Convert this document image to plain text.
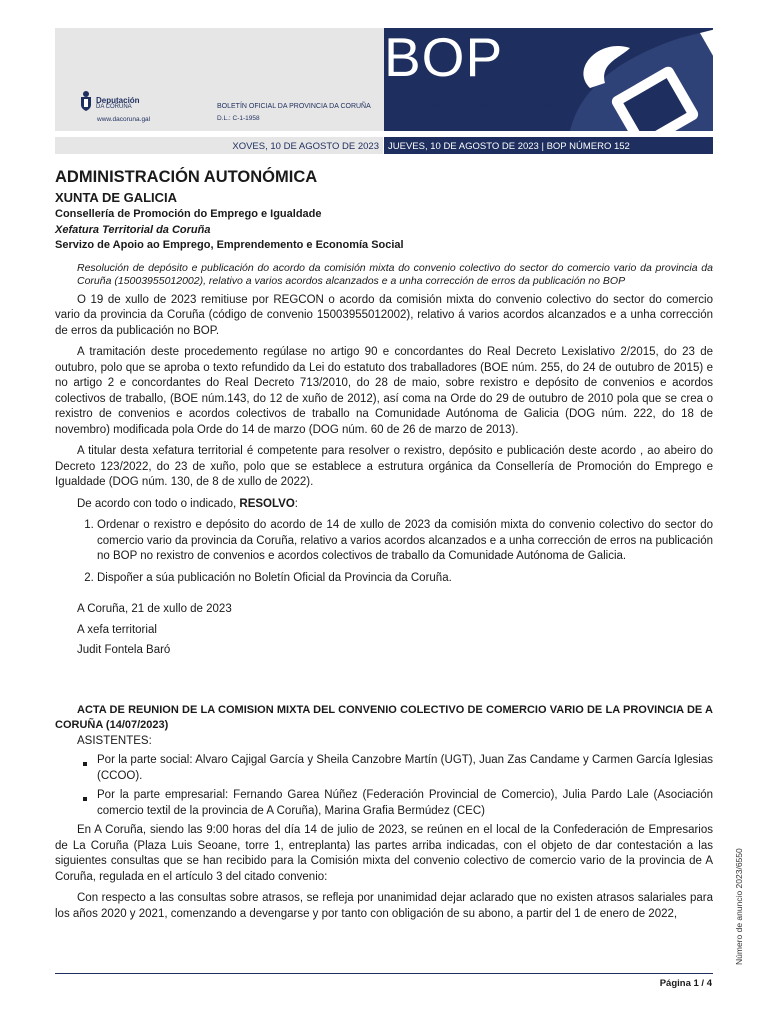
BOP
Deputación
DA CORUÑA
www.dacoruna.gal
BOLETÍN OFICIAL DA PROVINCIA DA CORUÑA BOLETÍN OFICIAL DE LA PROVINCIA DE A CORUÑA
D.L.: C-1-1958
XOVES, 10 DE AGOSTO DE 2023 JUEVES, 10 DE AGOSTO DE 2023 | BOP NÚMERO 152
ADMINISTRACIÓN AUTONÓMICA
XUNTA DE GALICIA
Consellería de Promoción do Emprego e Igualdade
Xefatura Territorial da Coruña
Servizo de Apoio ao Emprego, Emprendemento e Economía Social
Resolución de depósito e publicación do acordo da comisión mixta do convenio colectivo do sector do comercio vario da provincia da Coruña (15003955012002), relativo a varios acordos alcanzados e a unha corrección de erros da publicación no BOP

O 19 de xullo de 2023 remitiuse por REGCON o acordo da comisión mixta do convenio colectivo do sector do comercio vario da provincia da Coruña (código de convenio 15003955012002), relativo á varios acordos alcanzados e a unha corrección de erros da publicación no BOP.

A tramitación deste procedemento regúlase no artigo 90 e concordantes do Real Decreto Lexislativo 2/2015, do 23 de outubro, polo que se aproba o texto refundido da Lei do estatuto dos traballadores (BOE núm. 255, do 24 de outubro de 2015) e no artigo 2 e concordantes do Real Decreto 713/2010, do 28 de maio, sobre rexistro e depósito de convenios e acordos colectivos de traballo, (BOE núm.143, do 12 de xuño de 2012), así coma na Orde do 29 de outubro de 2010 pola que se crea o rexistro de convenios e acordos colectivos de traballo na Comunidade Autónoma de Galicia (DOG núm. 222, do 18 de novembro) modificada pola Orde do 14 de marzo (DOG núm. 60 de 26 de marzo de 2013).

A titular desta xefatura territorial é competente para resolver o rexistro, depósito e publicación deste acordo , ao abeiro do Decreto 123/2022, do 23 de xuño, polo que se establece a estrutura orgánica da Consellería de Promoción do Emprego e Igualdade (DOG núm. 130, de 8 de xullo de 2022).

De acordo con todo o indicado, RESOLVO:

1. Ordenar o rexistro e depósito do acordo de 14 de xullo de 2023 da comisión mixta do convenio colectivo do sector do comercio vario da provincia da Coruña, relativo a varios acordos alcanzados e a unha corrección de erros na publicación no BOP no rexistro de convenios e acordos colectivos de traballo da Comunidade Autónoma de Galicia.
2. Dispoñer a súa publicación no Boletín Oficial da Provincia da Coruña.
A Coruña, 21 de xullo de 2023
A xefa territorial
Judit Fontela Baró
ACTA DE REUNION DE LA COMISION MIXTA DEL CONVENIO COLECTIVO DE COMERCIO VARIO DE LA PROVINCIA DE A CORUÑA (14/07/2023)
ASISTENTES:
Por la parte social: Alvaro Cajigal García y Sheila Canzobre Martín (UGT), Juan Zas Candame y Carmen García Iglesias (CCOO).
Por la parte empresarial: Fernando Garea Núñez (Federación Provincial de Comercio), Julia Pardo Lale (Asociación comercio textil de la provincia de A Coruña), Marina Grafia Bermúdez (CEC)

En A Coruña, siendo las 9:00 horas del día 14 de julio de 2023, se reúnen en el local de la Confederación de Empresarios de La Coruña (Plaza Luis Seoane, torre 1, entreplanta) las partes arriba indicadas, con el objeto de dar contestación a las siguientes consultas que se han recibido para la Comisión mixta del convenio colectivo de comercio vario de la provincia de A Coruña, regulada en el artículo 3 del citado convenio:

Con respecto a las consultas sobre atrasos, se refleja por unanimidad dejar aclarado que no existen atrasos salariales para los años 2020 y 2021, comenzando a devengarse y por tanto con obligación de su abono, a partir del 1 de enero de 2022,

Página 1 / 4
Número de anuncio 2023/6550
